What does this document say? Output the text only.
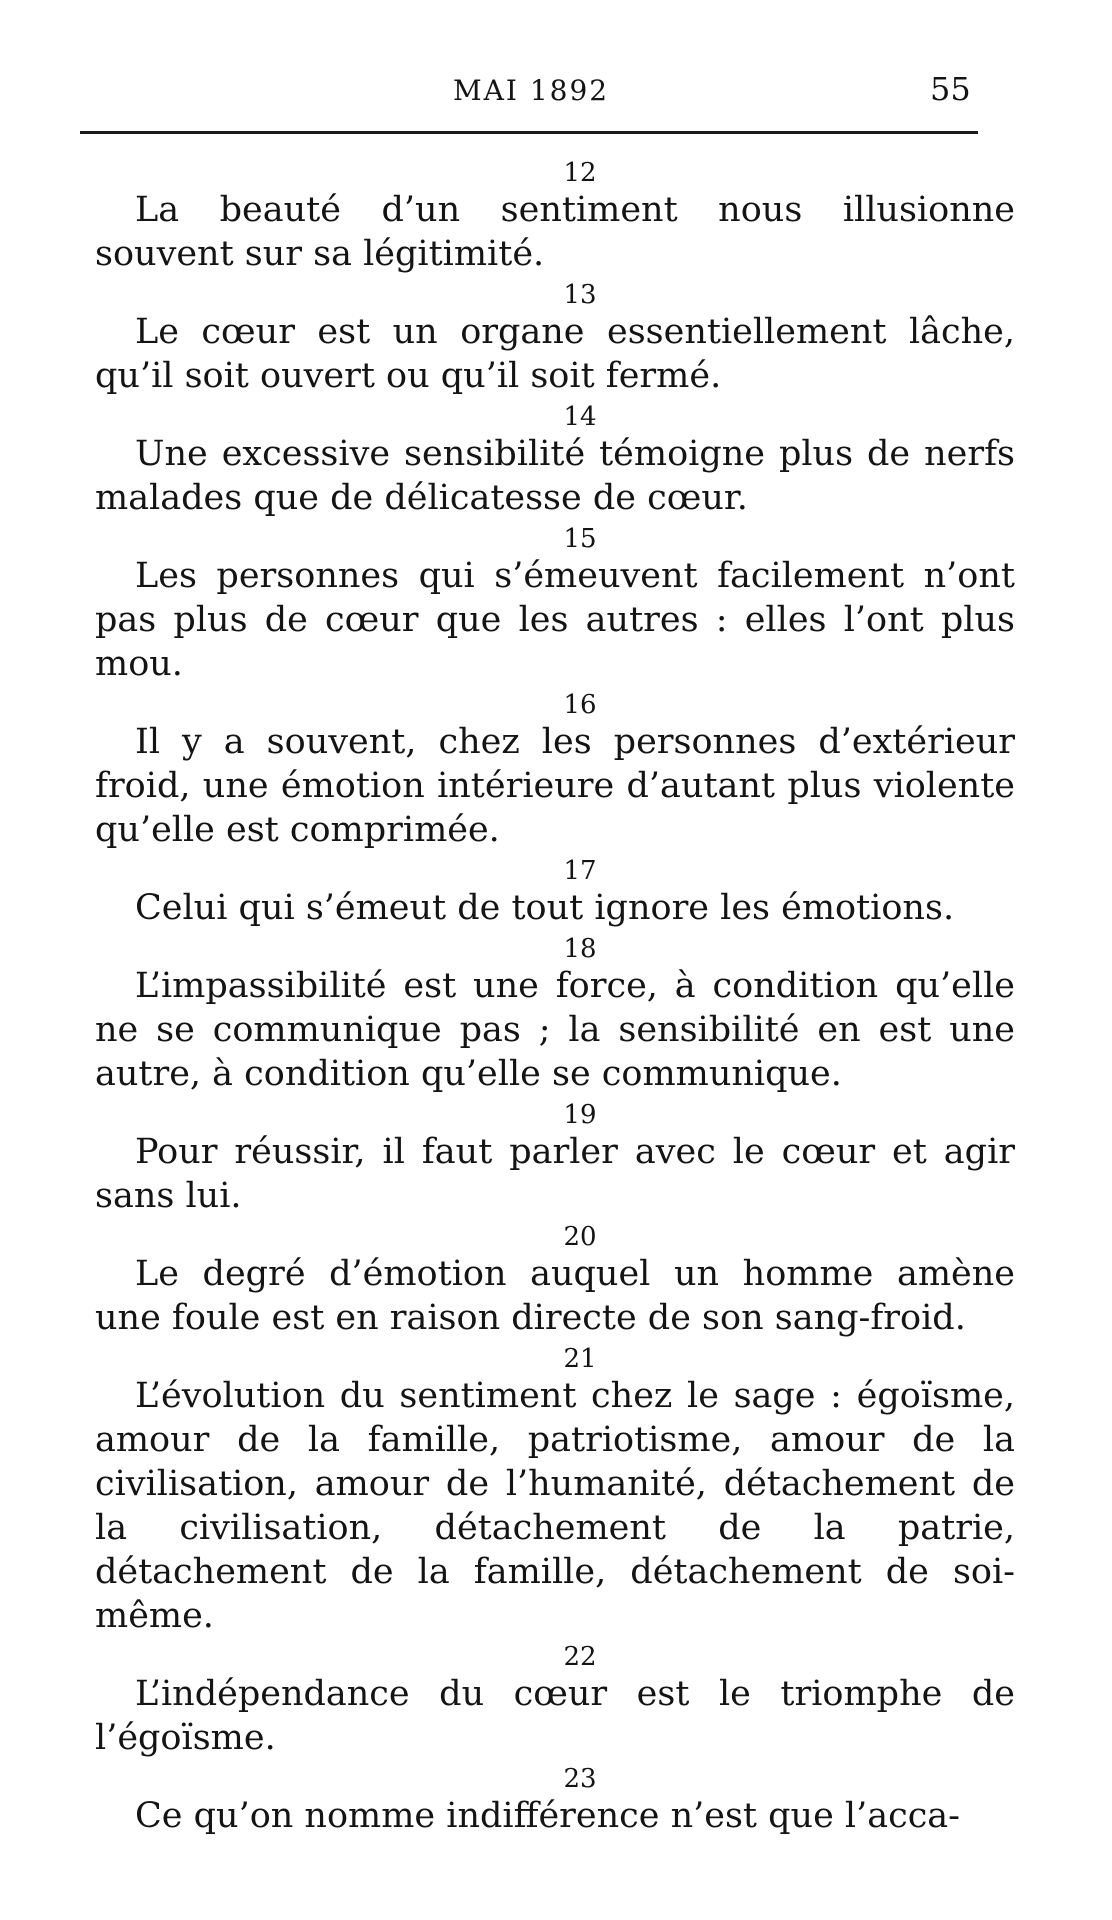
MAI 1892	55
12

La beauté d’un sentiment nous illusionne souvent sur sa légitimité.

13

Le cœur est un organe essentiellement lâche, qu’il soit ouvert ou qu’il soit fermé.

14

Une excessive sensibilité témoigne plus de nerfs malades que de délicatesse de cœur.

15

Les personnes qui s’émeuvent facilement n’ont pas plus de cœur que les autres : elles l’ont plus mou.

16

Il y a souvent, chez les personnes d’extérieur froid, une émotion intérieure d’autant plus violente qu’elle est comprimée.

17

Celui qui s’émeut de tout ignore les émotions.

18

L’impassibilité est une force, à condition qu’elle ne se communique pas ; la sensibilité en est une autre, à condition qu’elle se communique.

19

Pour réussir, il faut parler avec le cœur et agir sans lui.

20

Le degré d’émotion auquel un homme amène une foule est en raison directe de son sang-froid.

21

L’évolution du sentiment chez le sage : égoïsme, amour de la famille, patriotisme, amour de la civilisation, amour de l’humanité, détachement de la civilisation, détachement de la patrie, détachement de la famille, détachement de soi-même.

22

L’indépendance du cœur est le triomphe de l’égoïsme.

23

Ce qu’on nomme indifférence n’est que l’acca-
